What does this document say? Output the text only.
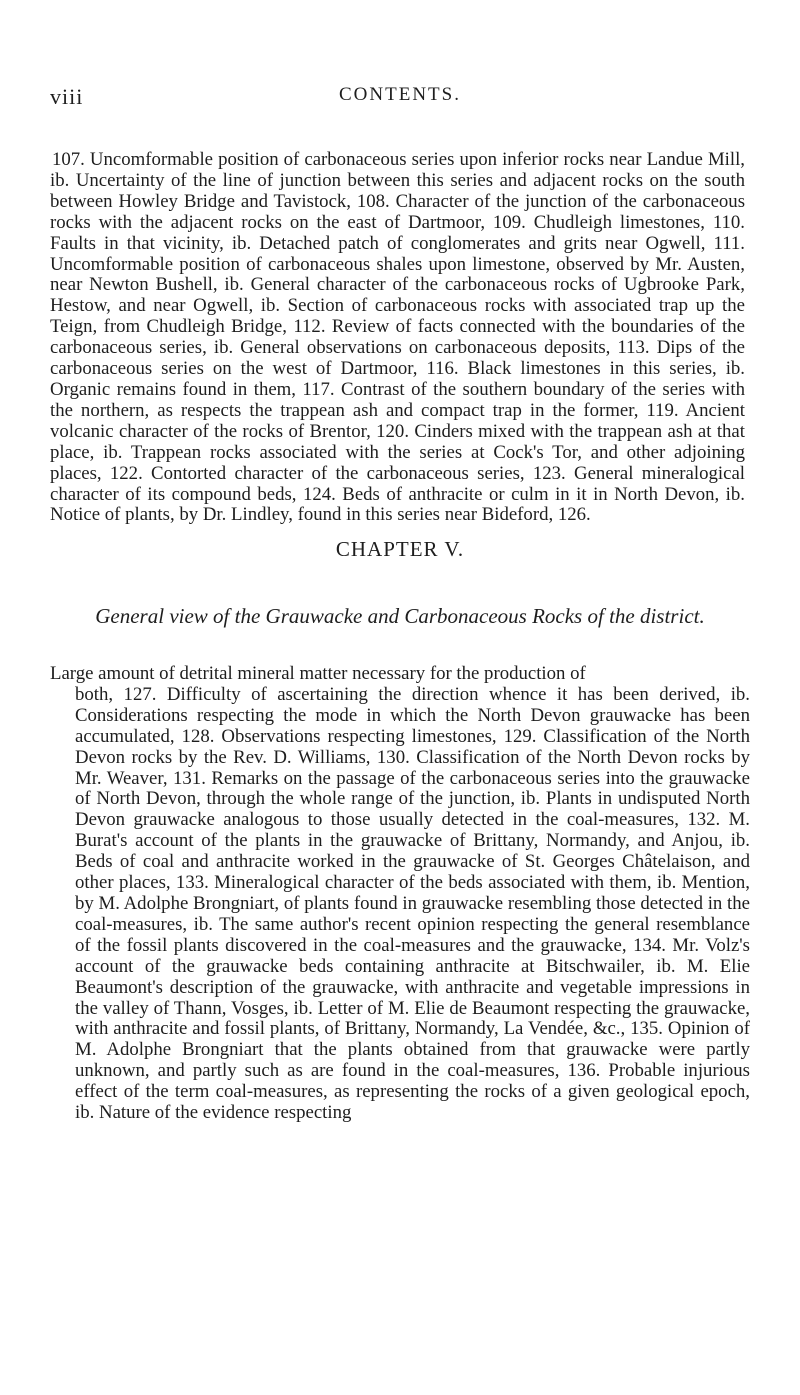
viii	CONTENTS.

107. Uncomformable position of carbonaceous series upon inferior rocks near Landue Mill, ib. Uncertainty of the line of junction between this series and adjacent rocks on the south between Howley Bridge and Tavistock, 108. Character of the junction of the carbonaceous rocks with the adjacent rocks on the east of Dartmoor, 109. Chudleigh limestones, 110. Faults in that vicinity, ib. Detached patch of conglomerates and grits near Ogwell, 111. Uncomformable position of carbonaceous shales upon limestone, observed by Mr. Austen, near Newton Bushell, ib. General character of the carbonaceous rocks of Ugbrooke Park, Hestow, and near Ogwell, ib. Section of carbonaceous rocks with associated trap up the Teign, from Chudleigh Bridge, 112. Review of facts connected with the boundaries of the carbonaceous series, ib. General observations on carbonaceous deposits, 113. Dips of the carbonaceous series on the west of Dartmoor, 116. Black limestones in this series, ib. Organic remains found in them, 117. Contrast of the southern boundary of the series with the northern, as respects the trappean ash and compact trap in the former, 119. Ancient volcanic character of the rocks of Brentor, 120. Cinders mixed with the trappean ash at that place, ib. Trappean rocks associated with the series at Cock's Tor, and other adjoining places, 122. Contorted character of the carbonaceous series, 123. General mineralogical character of its compound beds, 124. Beds of anthracite or culm in it in North Devon, ib. Notice of plants, by Dr. Lindley, found in this series near Bideford, 126.

CHAPTER V.
General view of the Grauwacke and Carbonaceous Rocks of the district.
Large amount of detrital mineral matter necessary for the production of
both, 127. Difficulty of ascertaining the direction whence it has been derived, ib. Considerations respecting the mode in which the North Devon grauwacke has been accumulated, 128. Observations respecting limestones, 129. Classification of the North Devon rocks by the Rev. D. Williams, 130. Classification of the North Devon rocks by Mr. Weaver, 131. Remarks on the passage of the carbonaceous series into the grauwacke of North Devon, through the whole range of the junction, ib. Plants in undisputed North Devon grauwacke analogous to those usually detected in the coal-measures, 132. M. Burat's account of the plants in the grauwacke of Brittany, Normandy, and Anjou, ib. Beds of coal and anthracite worked in the grauwacke of St. Georges Châtelaison, and other places, 133. Mineralogical character of the beds associated with them, ib. Mention, by M. Adolphe Brongniart, of plants found in grauwacke resembling those detected in the coal-measures, ib. The same author's recent opinion respecting the general resemblance of the fossil plants discovered in the coal-measures and the grauwacke, 134. Mr. Volz's account of the grauwacke beds containing anthracite at Bitschwailer, ib. M. Elie Beaumont's description of the grauwacke, with anthracite and vegetable impressions in the valley of Thann, Vosges, ib. Letter of M. Elie de Beaumont respecting the grauwacke, with anthracite and fossil plants, of Brittany, Normandy, La Vendée, &c., 135. Opinion of M. Adolphe Brongniart that the plants obtained from that grauwacke were partly unknown, and partly such as are found in the coal-measures, 136. Probable injurious effect of the term coal-measures, as representing the rocks of a given geological epoch, ib. Nature of the evidence respecting
